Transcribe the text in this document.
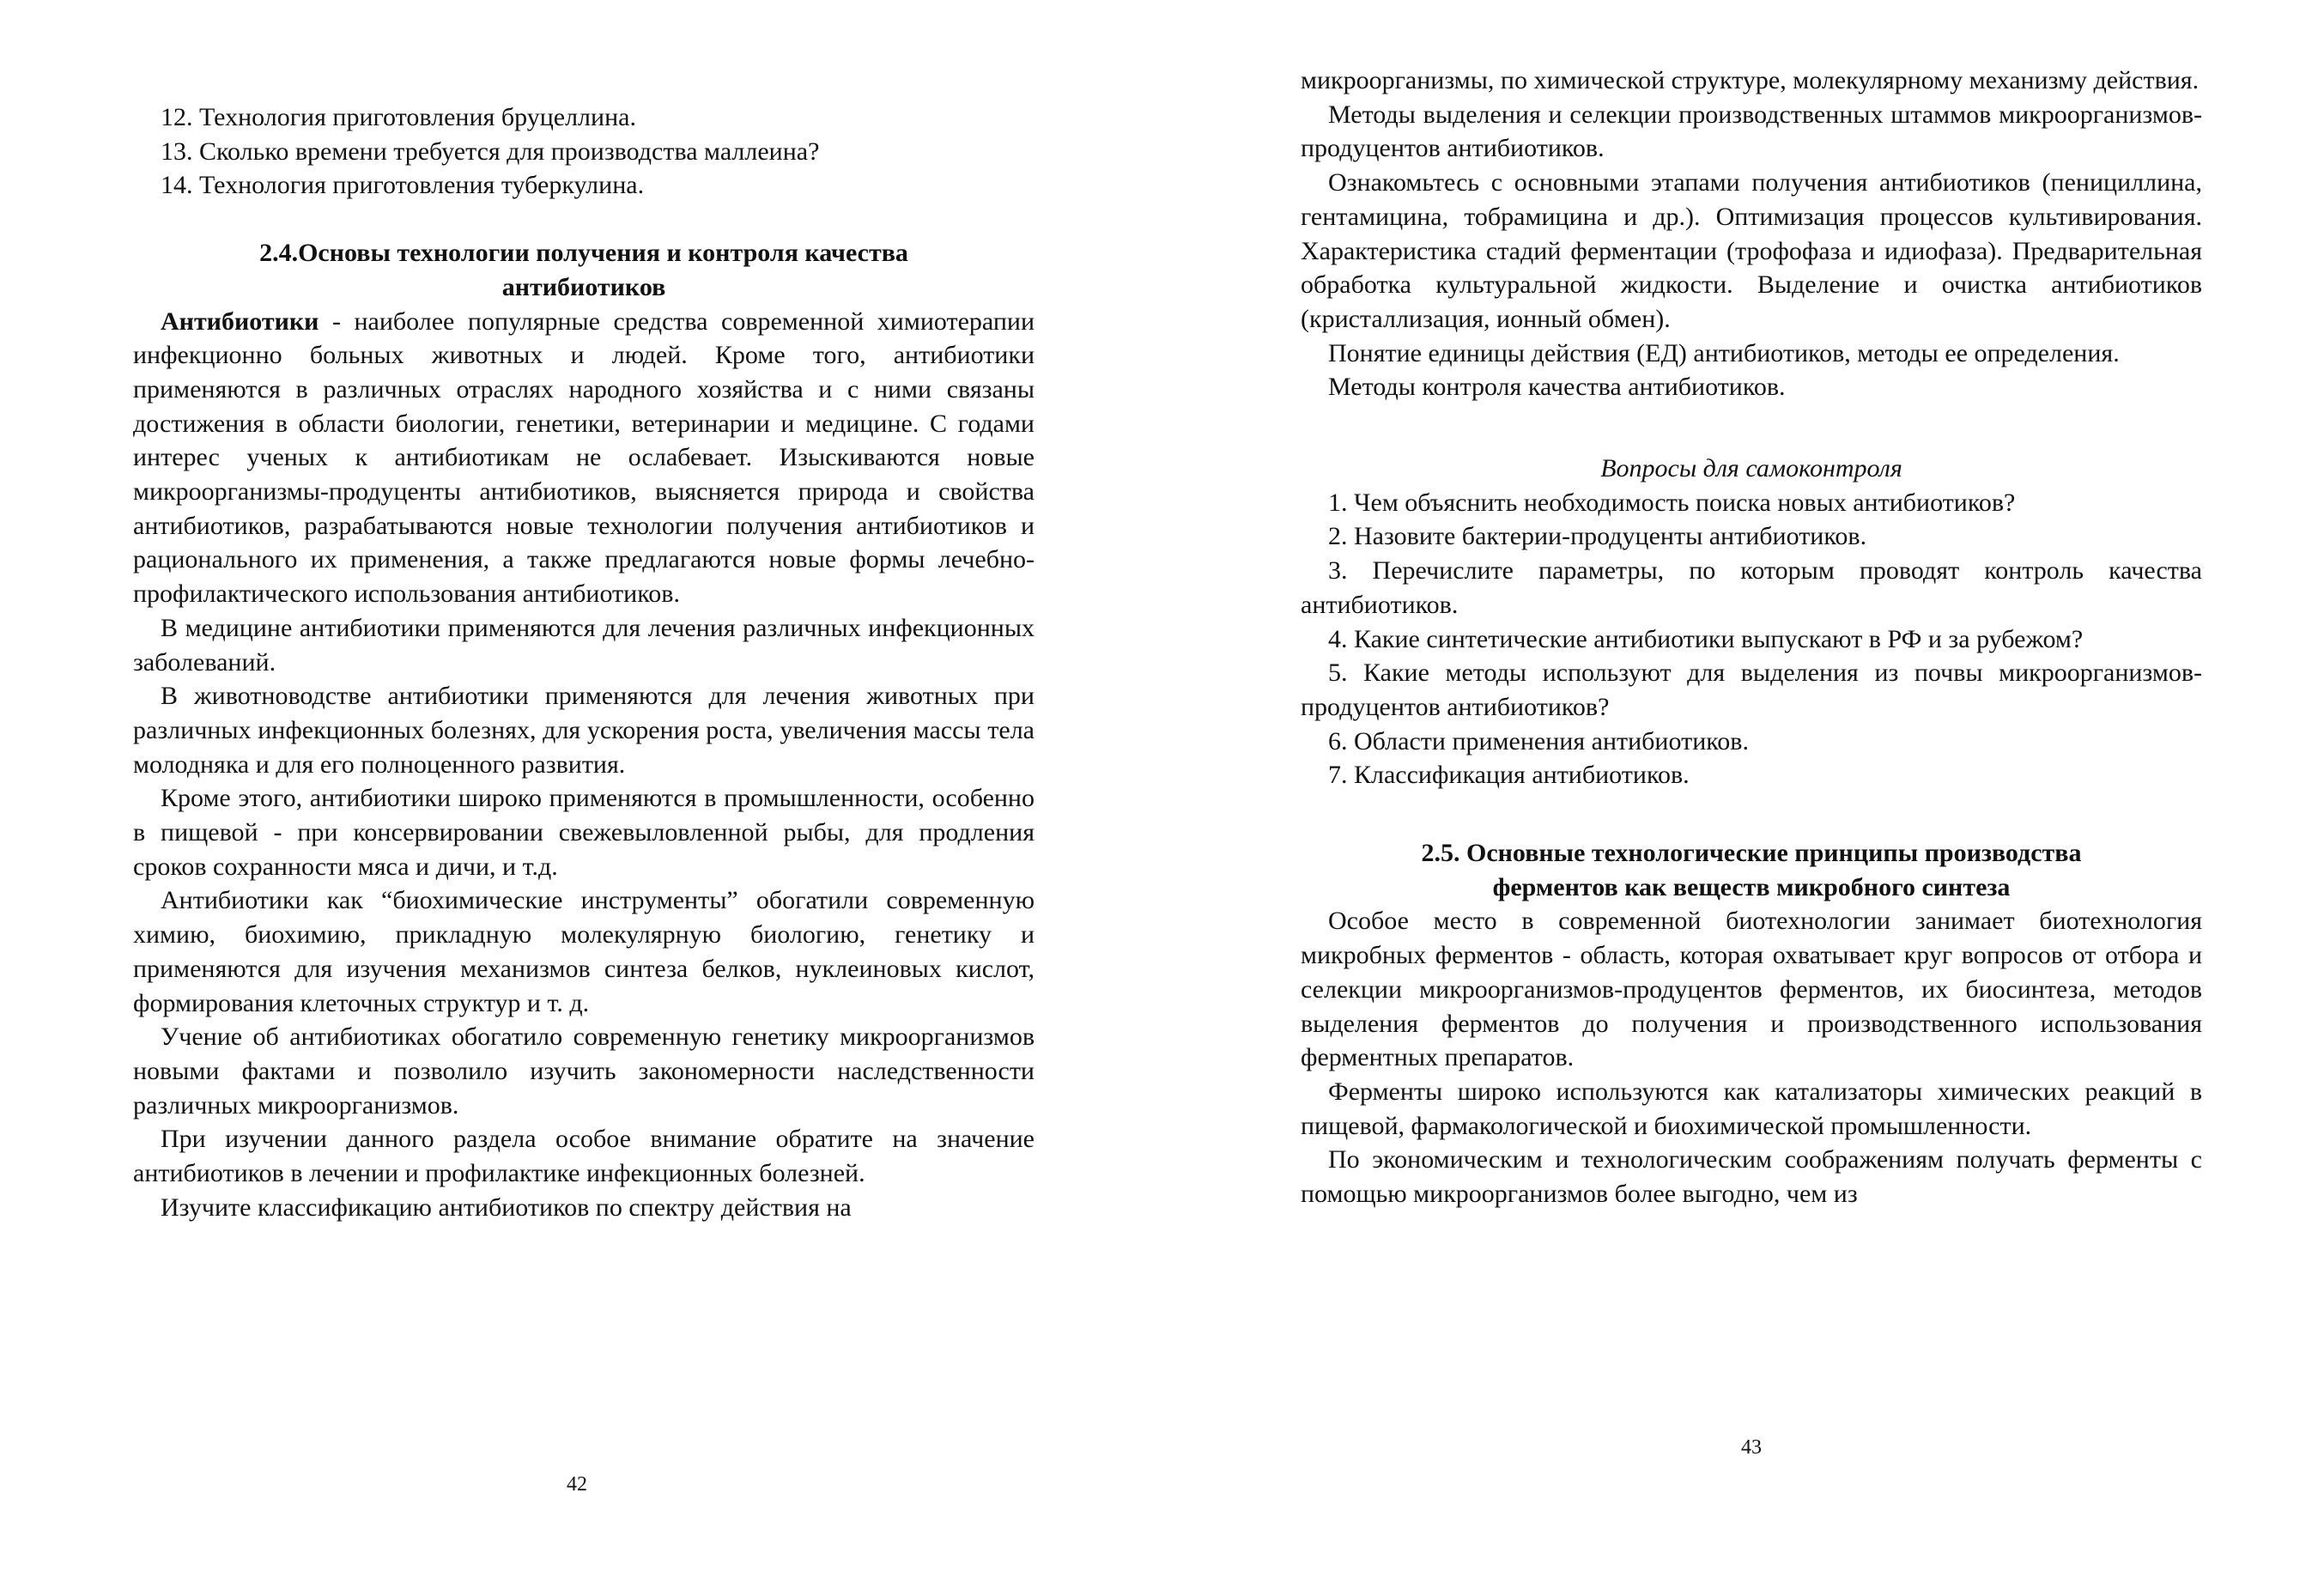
12. Технология приготовления бруцеллина.

13. Сколько времени требуется для производства маллеина?

14. Технология приготовления туберкулина.

2.4.Основы технологии получения и контроля качества
антибиотиков

Антибиотики - наиболее популярные средства современной химиотерапии инфекционно больных животных и людей. Кроме того, антибиотики применяются в различных отраслях народного хозяйства и с ними связаны достижения в области биологии, генетики, ветеринарии и медицине. С годами интерес ученых к антибиотикам не ослабевает. Изыскиваются новые микроорганизмы-продуценты антибиотиков, выясняется природа и свойства антибиотиков, разрабатываются новые технологии получения антибиотиков и рационального их применения, а также предлагаются новые формы лечебно-профилактического использования антибиотиков.

В медицине антибиотики применяются для лечения различных инфекционных заболеваний.

В животноводстве антибиотики применяются для лечения животных при различных инфекционных болезнях, для ускорения роста, увеличения массы тела молодняка и для его полноценного развития.

Кроме этого, антибиотики широко применяются в промышленности, особенно в пищевой - при консервировании свежевыловленной рыбы, для продления сроков сохранности мяса и дичи, и т.д.

Антибиотики как “биохимические инструменты” обогатили современную химию, биохимию, прикладную молекулярную биологию, генетику и применяются для изучения механизмов синтеза белков, нуклеиновых кислот, формирования клеточных структур и т. д.

Учение об антибиотиках обогатило современную генетику микроорганизмов новыми фактами и позволило изучить закономерности наследственности различных микроорганизмов.

При изучении данного раздела особое внимание обратите на значение антибиотиков в лечении и профилактике инфекционных болезней.

Изучите классификацию антибиотиков по спектру действия на

42

микроорганизмы, по химической структуре, молекулярному механизму действия.

Методы выделения и селекции производственных штаммов микроорганизмов-продуцентов антибиотиков.

Ознакомьтесь с основными этапами получения антибиотиков (пенициллина, гентамицина, тобрамицина и др.). Оптимизация процессов культивирования. Характеристика стадий ферментации (трофофаза и идиофаза). Предварительная обработка культуральной жидкости. Выделение и очистка антибиотиков (кристаллизация, ионный обмен).

Понятие единицы действия (ЕД) антибиотиков, методы ее определения.

Методы контроля качества антибиотиков.

Вопросы для самоконтроля

1. Чем объяснить необходимость поиска новых антибиотиков?

2. Назовите бактерии-продуценты антибиотиков.

3. Перечислите параметры, по которым проводят контроль качества антибиотиков.

4. Какие синтетические антибиотики выпускают в РФ и за рубежом?

5. Какие методы используют для выделения из почвы микроорганизмов-продуцентов антибиотиков?

6. Области применения антибиотиков.

7. Классификация антибиотиков.

2.5. Основные технологические принципы производства
ферментов как веществ микробного синтеза

Особое место в современной биотехнологии занимает биотехнология микробных ферментов - область, которая охватывает круг вопросов от отбора и селекции микроорганизмов-продуцентов ферментов, их биосинтеза, методов выделения ферментов до получения и производственного использования ферментных препаратов.

Ферменты широко используются как катализаторы химических реакций в пищевой, фармакологической и биохимической промышленности.

По экономическим и технологическим соображениям получать ферменты с помощью микроорганизмов более выгодно, чем из

43
